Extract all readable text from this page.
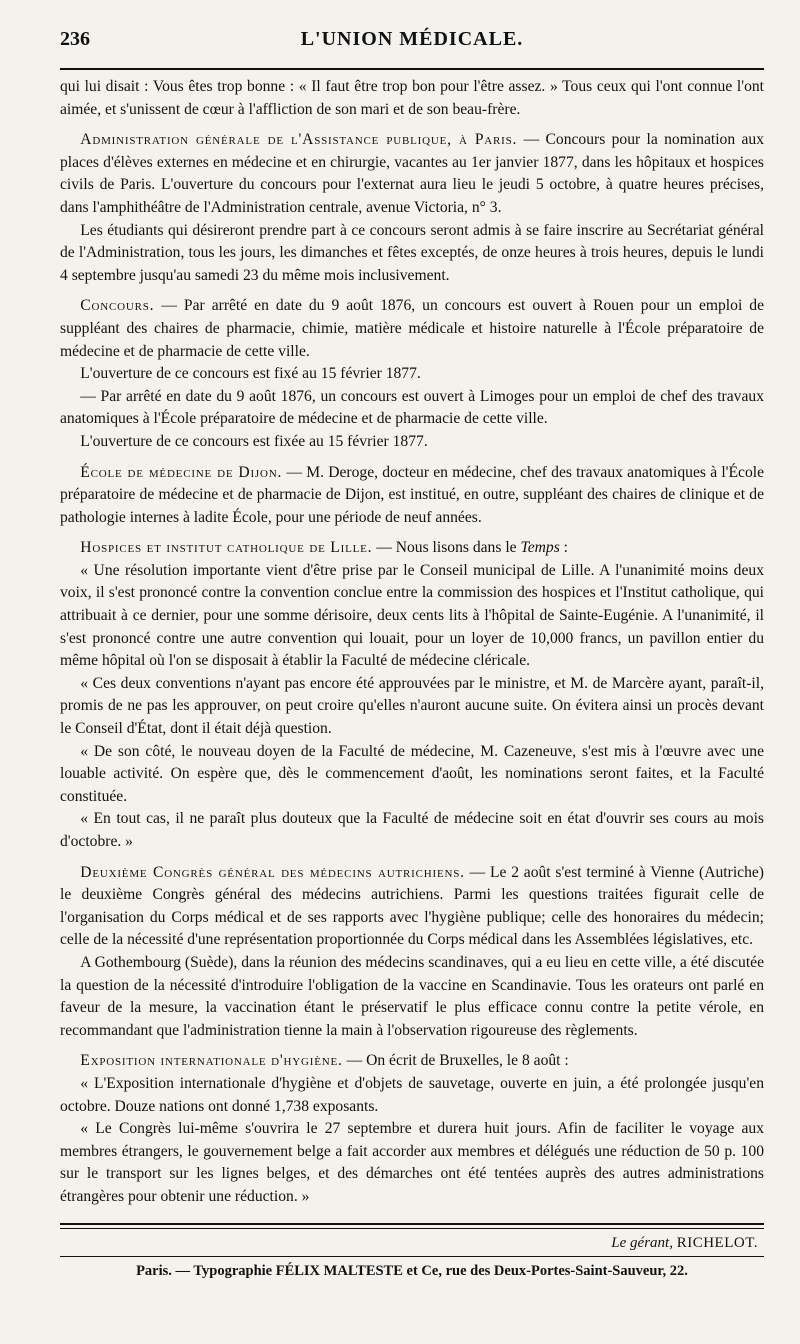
236	L'UNION MÉDICALE.

qui lui disait : Vous êtes trop bonne : « Il faut être trop bon pour l'être assez. » Tous ceux qui l'ont connue l'ont aimée, et s'unissent de cœur à l'affliction de son mari et de son beau-frère.

Administration générale de l'Assistance publique, à Paris. — Concours pour la nomination aux places d'élèves externes en médecine et en chirurgie, vacantes au 1er janvier 1877, dans les hôpitaux et hospices civils de Paris. L'ouverture du concours pour l'externat aura lieu le jeudi 5 octobre, à quatre heures précises, dans l'amphithéâtre de l'Administration centrale, avenue Victoria, n° 3.

Les étudiants qui désireront prendre part à ce concours seront admis à se faire inscrire au Secrétariat général de l'Administration, tous les jours, les dimanches et fêtes exceptés, de onze heures à trois heures, depuis le lundi 4 septembre jusqu'au samedi 23 du même mois inclusivement.

Concours. — Par arrêté en date du 9 août 1876, un concours est ouvert à Rouen pour un emploi de suppléant des chaires de pharmacie, chimie, matière médicale et histoire naturelle à l'École préparatoire de médecine et de pharmacie de cette ville.

L'ouverture de ce concours est fixé au 15 février 1877.

— Par arrêté en date du 9 août 1876, un concours est ouvert à Limoges pour un emploi de chef des travaux anatomiques à l'École préparatoire de médecine et de pharmacie de cette ville.

L'ouverture de ce concours est fixée au 15 février 1877.

École de médecine de Dijon. — M. Deroge, docteur en médecine, chef des travaux anatomiques à l'École préparatoire de médecine et de pharmacie de Dijon, est institué, en outre, suppléant des chaires de clinique et de pathologie internes à ladite École, pour une période de neuf années.

Hospices et institut catholique de Lille. — Nous lisons dans le Temps :

« Une résolution importante vient d'être prise par le Conseil municipal de Lille. A l'unanimité moins deux voix, il s'est prononcé contre la convention conclue entre la commission des hospices et l'Institut catholique, qui attribuait à ce dernier, pour une somme dérisoire, deux cents lits à l'hôpital de Sainte-Eugénie. A l'unanimité, il s'est prononcé contre une autre convention qui louait, pour un loyer de 10,000 francs, un pavillon entier du même hôpital où l'on se disposait à établir la Faculté de médecine cléricale.

« Ces deux conventions n'ayant pas encore été approuvées par le ministre, et M. de Marcère ayant, paraît-il, promis de ne pas les approuver, on peut croire qu'elles n'auront aucune suite. On évitera ainsi un procès devant le Conseil d'État, dont il était déjà question.

« De son côté, le nouveau doyen de la Faculté de médecine, M. Cazeneuve, s'est mis à l'œuvre avec une louable activité. On espère que, dès le commencement d'août, les nominations seront faites, et la Faculté constituée.

« En tout cas, il ne paraît plus douteux que la Faculté de médecine soit en état d'ouvrir ses cours au mois d'octobre. »

Deuxième Congrès général des médecins autrichiens. — Le 2 août s'est terminé à Vienne (Autriche) le deuxième Congrès général des médecins autrichiens. Parmi les questions traitées figurait celle de l'organisation du Corps médical et de ses rapports avec l'hygiène publique; celle des honoraires du médecin; celle de la nécessité d'une représentation proportionnée du Corps médical dans les Assemblées législatives, etc.

A Gothembourg (Suède), dans la réunion des médecins scandinaves, qui a eu lieu en cette ville, a été discutée la question de la nécessité d'introduire l'obligation de la vaccine en Scandinavie. Tous les orateurs ont parlé en faveur de la mesure, la vaccination étant le préservatif le plus efficace connu contre la petite vérole, en recommandant que l'administration tienne la main à l'observation rigoureuse des règlements.

Exposition internationale d'hygiène. — On écrit de Bruxelles, le 8 août :

« L'Exposition internationale d'hygiène et d'objets de sauvetage, ouverte en juin, a été prolongée jusqu'en octobre. Douze nations ont donné 1,738 exposants.

« Le Congrès lui-même s'ouvrira le 27 septembre et durera huit jours. Afin de faciliter le voyage aux membres étrangers, le gouvernement belge a fait accorder aux membres et délégués une réduction de 50 p. 100 sur le transport sur les lignes belges, et des démarches ont été tentées auprès des autres administrations étrangères pour obtenir une réduction. »

Le gérant, RICHELOT.
Paris. — Typographie FÉLIX MALTESTE et Ce, rue des Deux-Portes-Saint-Sauveur, 22.
